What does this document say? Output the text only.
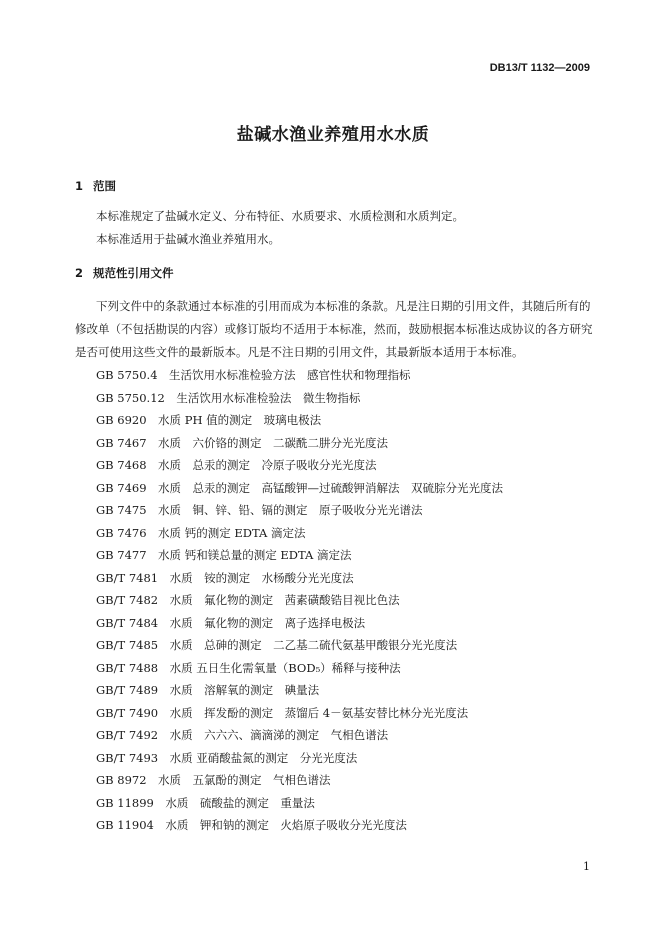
DB13/T 1132—2009
盐碱水渔业养殖用水水质
1 范围
本标准规定了盐碱水定义、分布特征、水质要求、水质检测和水质判定。
本标准适用于盐碱水渔业养殖用水。
2 规范性引用文件
下列文件中的条款通过本标准的引用而成为本标准的条款。凡是注日期的引用文件，其随后所有的
修改单（不包括勘误的内容）或修订版均不适用于本标准，然而，鼓励根据本标准达成协议的各方研究
是否可使用这些文件的最新版本。凡是不注日期的引用文件，其最新版本适用于本标准。
GB 5750.4　生活饮用水标准检验方法　感官性状和物理指标
GB 5750.12　生活饮用水标准检验法　微生物指标
GB 6920　水质 PH 值的测定　玻璃电极法
GB 7467　水质　六价铬的测定　二碳酰二肼分光光度法
GB 7468　水质　总汞的测定　冷原子吸收分光光度法
GB 7469　水质　总汞的测定　高锰酸钾—过硫酸钾消解法　双硫腙分光光度法
GB 7475　水质　铜、锌、铅、镉的测定　原子吸收分光光谱法
GB 7476　水质 钙的测定 EDTA 滴定法
GB 7477　水质 钙和镁总量的测定 EDTA 滴定法
GB/T 7481　水质　铵的测定　水杨酸分光光度法
GB/T 7482　水质　氟化物的测定　茜素磺酸锆目视比色法
GB/T 7484　水质　氟化物的测定　离子选择电极法
GB/T 7485　水质　总砷的测定　二乙基二硫代氨基甲酸银分光光度法
GB/T 7488　水质 五日生化需氧量（BOD₅）稀释与接种法
GB/T 7489　水质　溶解氧的测定　碘量法
GB/T 7490　水质　挥发酚的测定　蒸馏后 4－氨基安替比林分光光度法
GB/T 7492　水质　六六六、滴滴涕的测定　气相色谱法
GB/T 7493　水质 亚硝酸盐氮的测定　分光光度法
GB 8972　水质　五氯酚的测定　气相色谱法
GB 11899　水质　硫酸盐的测定　重量法
GB 11904　水质　钾和钠的测定　火焰原子吸收分光光度法
1
